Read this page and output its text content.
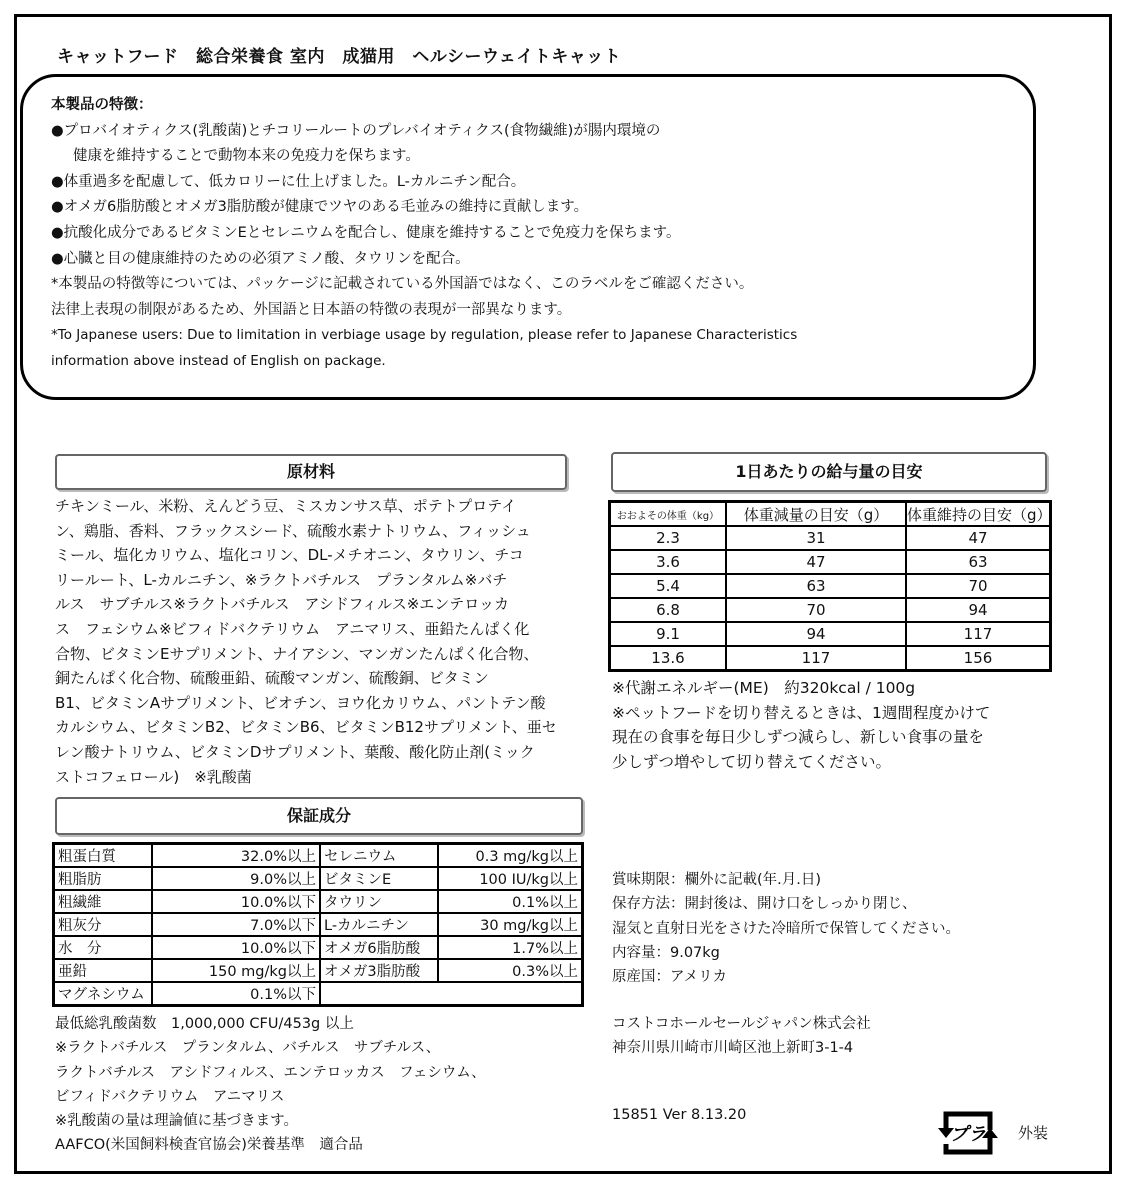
キャットフード　総合栄養食 室内　成猫用　ヘルシーウェイトキャット
本製品の特徴：
●プロバイオティクス(乳酸菌)とチコリールートのプレバイオティクス(食物繊維)が腸内環境の
健康を維持することで動物本来の免疫力を保ちます。
●体重過多を配慮して、低カロリーに仕上げました。L-カルニチン配合。
●オメガ6脂肪酸とオメガ3脂肪酸が健康でツヤのある毛並みの維持に貢献します。
●抗酸化成分であるビタミンEとセレニウムを配合し、健康を維持することで免疫力を保ちます。
●心臓と目の健康維持のための必須アミノ酸、タウリンを配合。
*本製品の特徴等については、パッケージに記載されている外国語ではなく、このラベルをご確認ください。
法律上表現の制限があるため、外国語と日本語の特徴の表現が一部異なります。
*To Japanese users: Due to limitation in verbiage usage by regulation, please refer to Japanese Characteristics
information above instead of English on package.
原材料
チキンミール、米粉、えんどう豆、ミスカンサス草、ポテトプロテイ
ン、鶏脂、香料、フラックスシード、硫酸水素ナトリウム、フィッシュ
ミール、塩化カリウム、塩化コリン、DL-メチオニン、タウリン、チコ
リールート、L-カルニチン、※ラクトバチルス　プランタルム※バチ
ルス　サブチルス※ラクトバチルス　アシドフィルス※エンテロッカ
ス　フェシウム※ビフィドバクテリウム　アニマリス、亜鉛たんぱく化
合物、ビタミンEサプリメント、ナイアシン、マンガンたんぱく化合物、
銅たんぱく化合物、硫酸亜鉛、硫酸マンガン、硫酸銅、ビタミン
B1、ビタミンAサプリメント、ビオチン、ヨウ化カリウム、パントテン酸
カルシウム、ビタミンB2、ビタミンB6、ビタミンB12サプリメント、亜セ
レン酸ナトリウム、ビタミンDサプリメント、葉酸、酸化防止剤(ミック
ストコフェロール)　※乳酸菌
1日あたりの給与量の目安
おおよその体重（kg）	体重減量の目安（g）	体重維持の目安（g）
2.3	31	47
3.6	47	63
5.4	63	70
6.8	70	94
9.1	94	117
13.6	117	156
※代謝エネルギー(ME)　約320kcal / 100g
※ペットフードを切り替えるときは、1週間程度かけて
現在の食事を毎日少しずつ減らし、新しい食事の量を
少しずつ増やして切り替えてください。
保証成分
粗蛋白質	32.0%以上	セレニウム	0.3 mg/kg以上
粗脂肪	9.0%以上	ビタミンE	100 IU/kg以上
粗繊維	10.0%以下	タウリン	0.1%以上
粗灰分	7.0%以下	L-カルニチン	30 mg/kg以上
水　分	10.0%以下	オメガ6脂肪酸	1.7%以上
亜鉛	150 mg/kg以上	オメガ3脂肪酸	0.3%以上
マグネシウム	0.1%以下		
最低総乳酸菌数　1,000,000 CFU/453g 以上
※ラクトバチルス　プランタルム、バチルス　サブチルス、
ラクトバチルス　アシドフィルス、エンテロッカス　フェシウム、
ビフィドバクテリウム　アニマリス
※乳酸菌の量は理論値に基づきます。
AAFCO(米国飼料検査官協会)栄養基準　適合品
賞味期限：欄外に記載(年.月.日)
保存方法：開封後は、開け口をしっかり閉じ、
湿気と直射日光をさけた冷暗所で保管してください。
内容量：9.07kg
原産国：アメリカ
コストコホールセールジャパン株式会社
神奈川県川崎市川崎区池上新町3-1-4
15851 Ver 8.13.20
プラ 外装
